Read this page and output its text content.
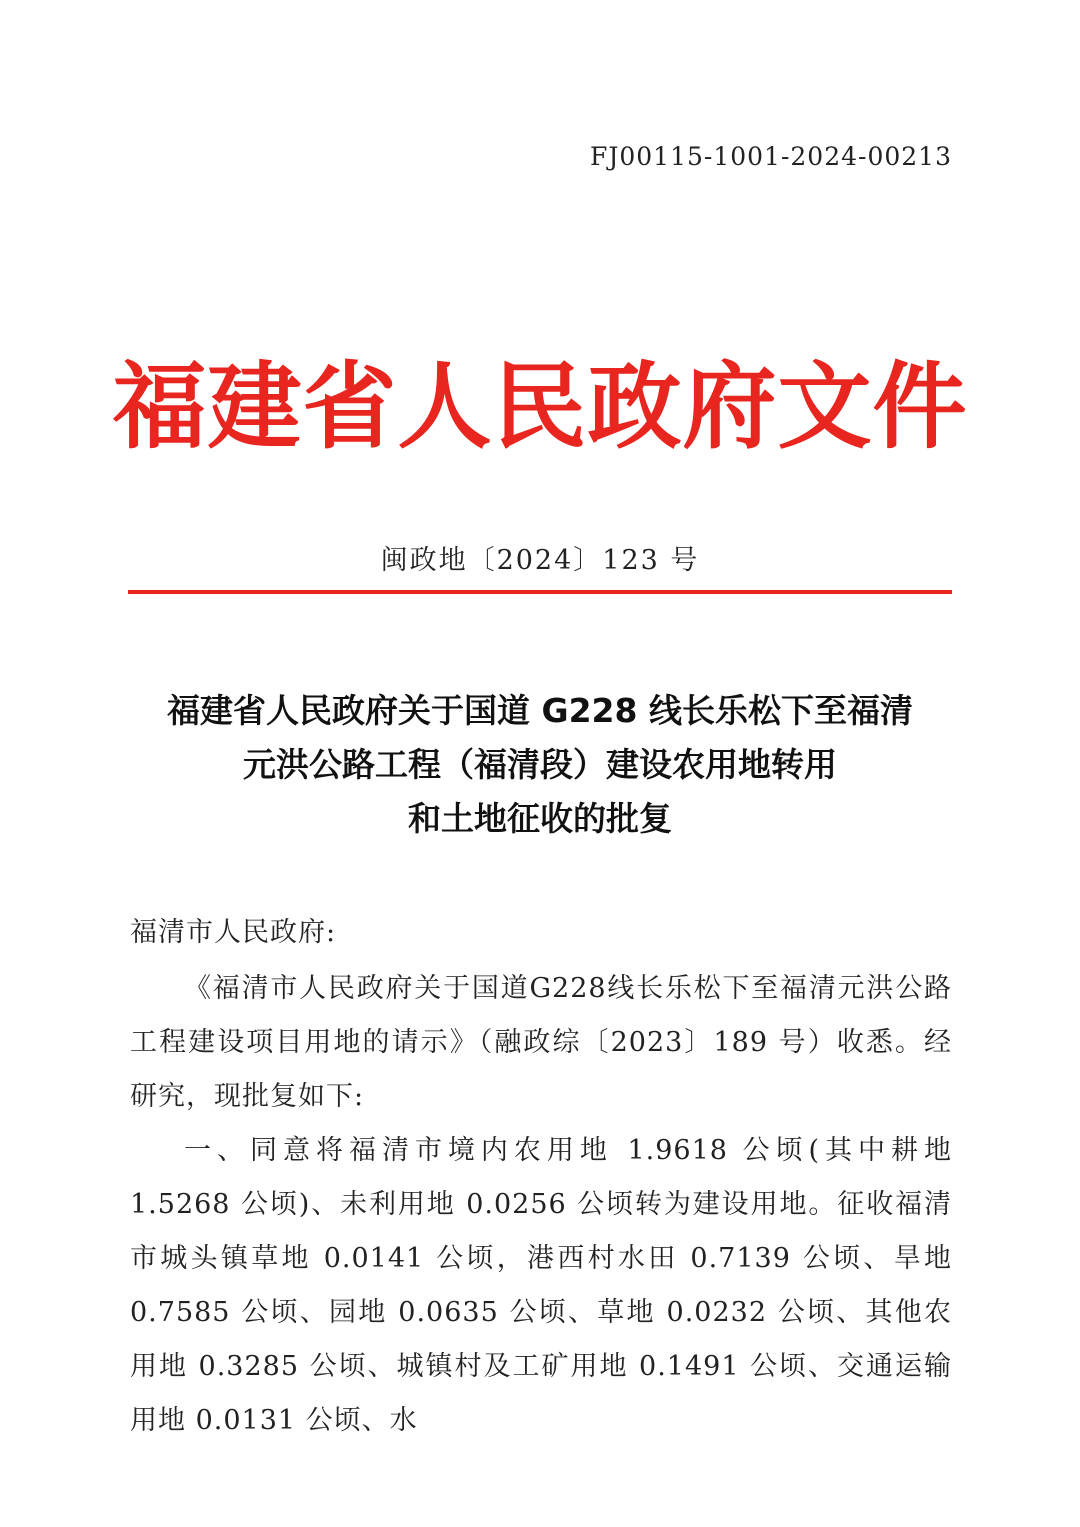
FJ00115-1001-2024-00213
福建省人民政府文件
闽政地〔2024〕123 号
福建省人民政府关于国道 G228 线长乐松下至福清
元洪公路工程（福清段）建设农用地转用
和土地征收的批复

福清市人民政府:

《福清市人民政府关于国道G228线长乐松下至福清元洪公路工程建设项目用地的请示》（融政综〔2023〕189 号）收悉。经研究，现批复如下:

一、同意将福清市境内农用地 1.9618 公顷(其中耕地 1.5268 公顷)、未利用地 0.0256 公顷转为建设用地。征收福清市城头镇草地 0.0141 公顷，港西村水田 0.7139 公顷、旱地 0.7585 公顷、园地 0.0635 公顷、草地 0.0232 公顷、其他农用地 0.3285 公顷、城镇村及工矿用地 0.1491 公顷、交通运输用地 0.0131 公顷、水
